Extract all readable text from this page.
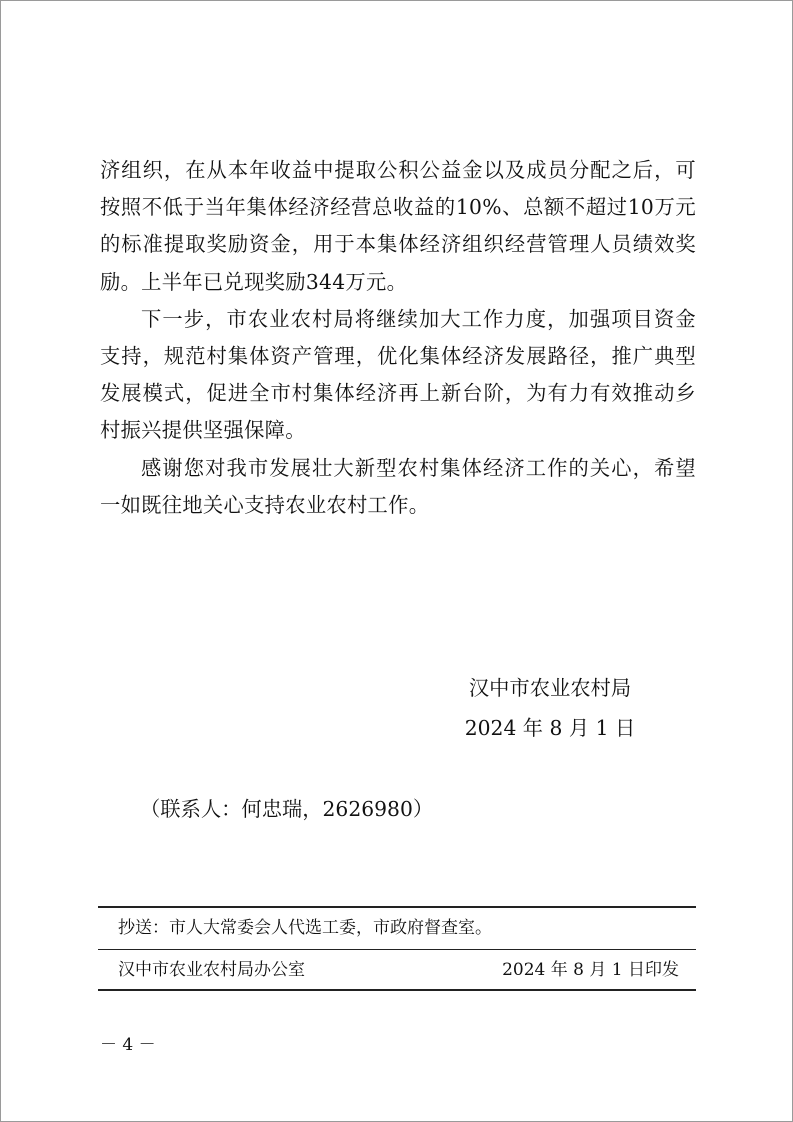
济组织，在从本年收益中提取公积公益金以及成员分配之后，可按照不低于当年集体经济经营总收益的10%、总额不超过10万元的标准提取奖励资金，用于本集体经济组织经营管理人员绩效奖励。上半年已兑现奖励344万元。

下一步，市农业农村局将继续加大工作力度，加强项目资金支持，规范村集体资产管理，优化集体经济发展路径，推广典型发展模式，促进全市村集体经济再上新台阶，为有力有效推动乡村振兴提供坚强保障。

感谢您对我市发展壮大新型农村集体经济工作的关心，希望一如既往地关心支持农业农村工作。

汉中市农业农村局
2024 年 8 月 1 日
（联系人：何忠瑞，2626980）
抄送：市人大常委会人代选工委，市政府督查室。
汉中市农业农村局办公室	2024 年 8 月 1 日印发
－ 4 －
